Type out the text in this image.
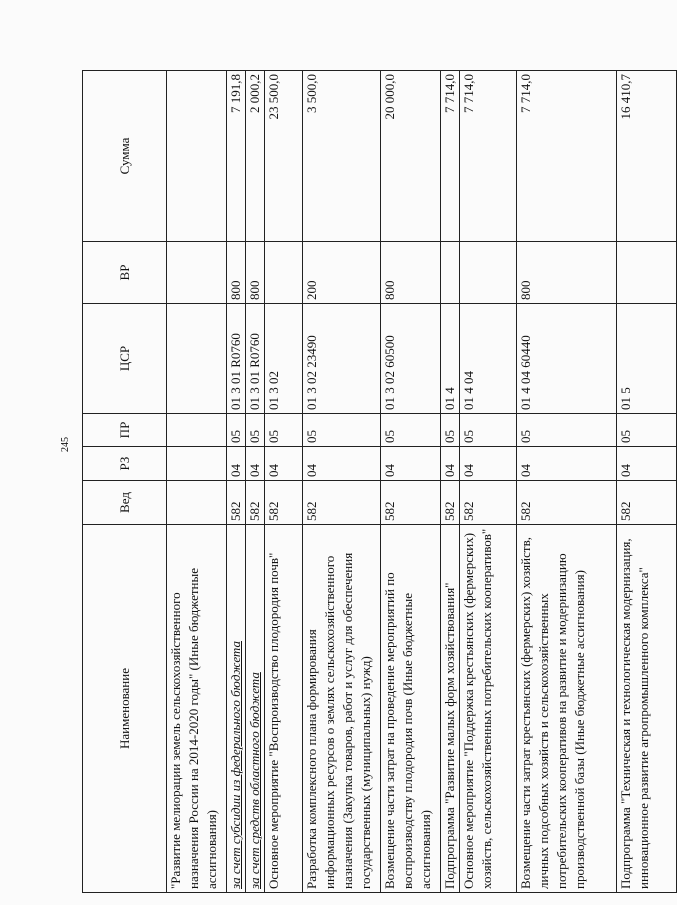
245
Наименование	Вед	РЗ	ПР	ЦСР	ВР	Сумма
"Развитие мелиорации земель сельскохозяйственного назначения России на 2014-2020 годы" (Иные бюджетные ассигнования)						
за счет субсидии из федерального бюджета	582	04	05	01 3 01 R0760	800	7 191,8
за счет средств областного бюджета	582	04	05	01 3 01 R0760	800	2 000,2
Основное мероприятие "Воспроизводство плодородия почв"	582	04	05	01 3 02		23 500,0
Разработка комплексного плана формирования информационных ресурсов о землях сельскохозяйственного назначения (Закупка товаров, работ и услуг для обеспечения государственных (муниципальных) нужд)	582	04	05	01 3 02 23490	200	3 500,0
Возмещение части затрат на проведение мероприятий по воспроизводству плодородия почв (Иные бюджетные ассигнования)	582	04	05	01 3 02 60500	800	20 000,0
Подпрограмма "Развитие малых форм хозяйствования"	582	04	05	01 4		7 714,0
Основное мероприятие "Поддержка крестьянских (фермерских) хозяйств, сельскохозяйственных потребительских кооперативов"	582	04	05	01 4 04		7 714,0
Возмещение части затрат крестьянских (фермерских) хозяйств, личных подсобных хозяйств и сельскохозяйственных потребительских кооперативов на развитие и модернизацию производственной базы (Иные бюджетные ассигнования)	582	04	05	01 4 04 60440	800	7 714,0
Подпрограмма "Техническая и технологическая модернизация, инновационное развитие агропромышленного комплекса"	582	04	05	01 5		16 410,7
